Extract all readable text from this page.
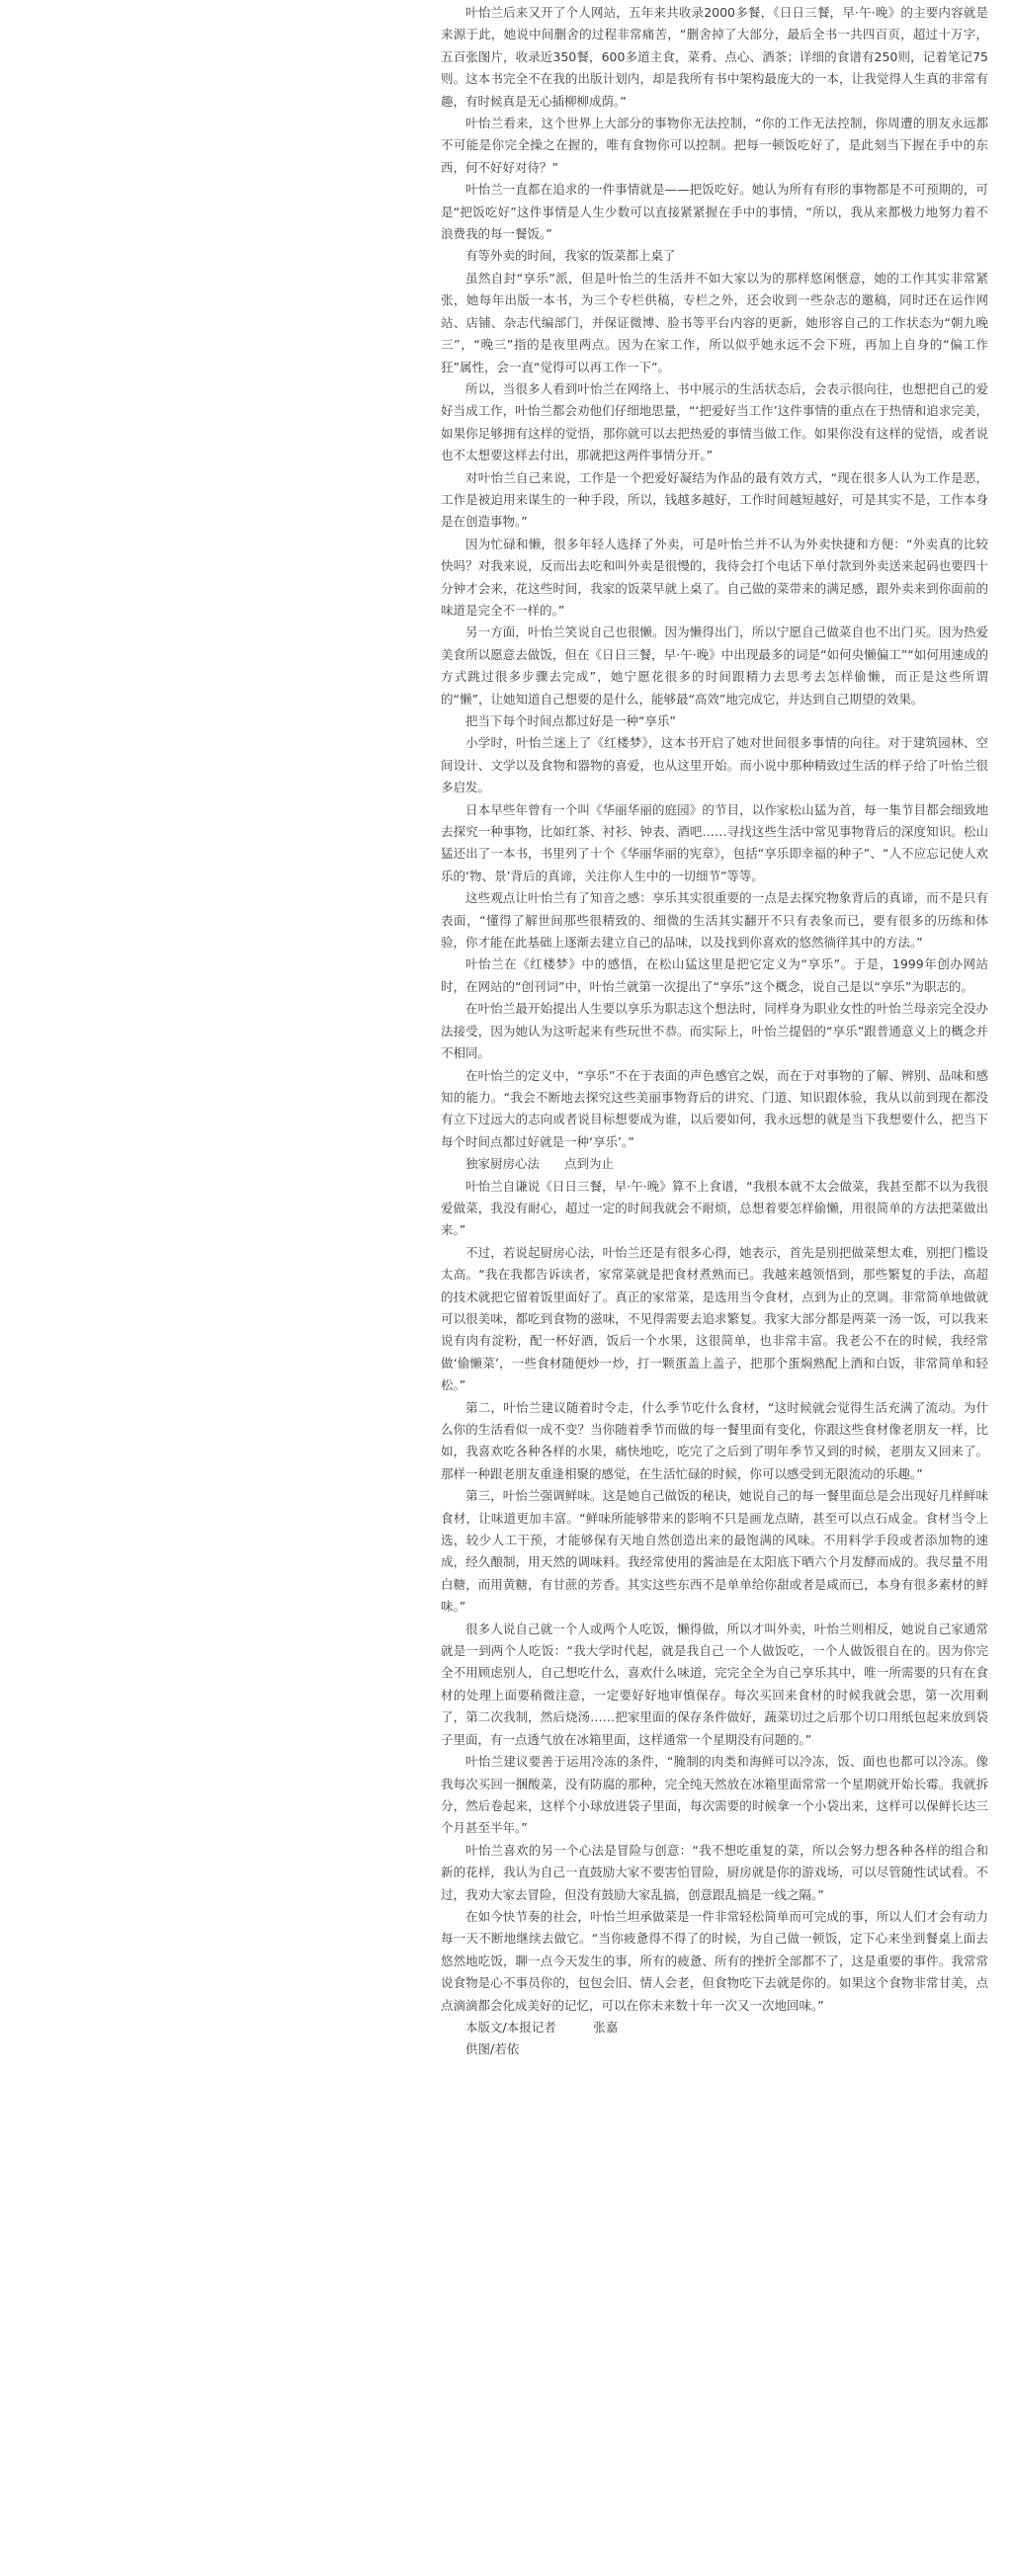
叶怡兰后来又开了个人网站，五年来共收录2000多餐，《日日三餐，早·午·晚》的主要内容就是来源于此，她说中间删舍的过程非常痛苦，“删舍掉了大部分，最后全书一共四百页，超过十万字，五百张图片，收录近350餐，600多道主食，菜肴、点心、酒茶；详细的食谱有250则，记着笔记75则。这本书完全不在我的出版计划内，却是我所有书中架构最庞大的一本，让我觉得人生真的非常有趣，有时候真是无心插柳柳成荫。”

叶怡兰看来，这个世界上大部分的事物你无法控制，“你的工作无法控制，你周遭的朋友永远都不可能是你完全操之在握的，唯有食物你可以控制。把每一顿饭吃好了，是此刻当下握在手中的东西，何不好好对待？”

叶怡兰一直都在追求的一件事情就是——把饭吃好。她认为所有有形的事物都是不可预期的，可是“把饭吃好”这件事情是人生少数可以直接紧紧握在手中的事情，“所以，我从来都极力地努力着不浪费我的每一餐饭。”

有等外卖的时间，我家的饭菜都上桌了

虽然自封“享乐”派，但是叶怡兰的生活并不如大家以为的那样悠闲惬意，她的工作其实非常紧张，她每年出版一本书，为三个专栏供稿，专栏之外，还会收到一些杂志的邀稿，同时还在运作网站、店铺、杂志代编部门，并保证微博、脸书等平台内容的更新，她形容自己的工作状态为“朝九晚三”，“晚三”指的是夜里两点。因为在家工作，所以似乎她永远不会下班，再加上自身的“偏工作狂”属性，会一直“觉得可以再工作一下”。

所以，当很多人看到叶怡兰在网络上、书中展示的生活状态后，会表示很向往，也想把自己的爱好当成工作，叶怡兰都会劝他们仔细地思量，“‘把爱好当工作’这件事情的重点在于热情和追求完美，如果你足够拥有这样的觉悟，那你就可以去把热爱的事情当做工作。如果你没有这样的觉悟，或者说也不太想要这样去付出，那就把这两件事情分开。”

对叶怡兰自己来说，工作是一个把爱好凝结为作品的最有效方式，“现在很多人认为工作是恶，工作是被迫用来谋生的一种手段，所以，钱越多越好，工作时间越短越好，可是其实不是，工作本身是在创造事物。”

因为忙碌和懒，很多年轻人选择了外卖，可是叶怡兰并不认为外卖快捷和方便：“外卖真的比较快吗？对我来说，反而出去吃和叫外卖是很慢的，我待会打个电话下单付款到外卖送来起码也要四十分钟才会来，花这些时间，我家的饭菜早就上桌了。自己做的菜带来的满足感，跟外卖来到你面前的味道是完全不一样的。”

另一方面，叶怡兰笑说自己也很懒。因为懒得出门，所以宁愿自己做菜自也不出门买。因为热爱美食所以愿意去做饭，但在《日日三餐，早·午·晚》中出现最多的词是“如何央懒偏工”“如何用速成的方式跳过很多步骤去完成”，她宁愿花很多的时间跟精力去思考去怎样偷懒，而正是这些所谓的“懒”，让她知道自己想要的是什么，能够最“高效”地完成它，并达到自己期望的效果。

把当下每个时间点都过好是一种“享乐”

小学时，叶怡兰迷上了《红楼梦》，这本书开启了她对世间很多事情的向往。对于建筑园林、空间设计、文学以及食物和器物的喜爱，也从这里开始。而小说中那种精致过生活的样子给了叶怡兰很多启发。

日本早些年曾有一个叫《华丽华丽的庭园》的节目，以作家松山猛为首，每一集节目都会细致地去探究一种事物，比如红茶、衬衫、钟表、酒吧……寻找这些生活中常见事物背后的深度知识。松山猛还出了一本书，书里列了十个《华丽华丽的宪章》，包括“享乐即幸福的种子”、“人不应忘记使人欢乐的‘物、景’背后的真谛，关注你人生中的一切细节”等等。

这些观点让叶怡兰有了知音之感：享乐其实很重要的一点是去探究物象背后的真谛，而不是只有表面，“懂得了解世间那些很精致的、细微的生活其实翻开不只有表象而已，要有很多的历练和体验，你才能在此基础上逐渐去建立自己的品味，以及找到你喜欢的悠然徜徉其中的方法。”

叶怡兰在《红楼梦》中的感悟，在松山猛这里是把它定义为“享乐”。于是，1999年创办网站时，在网站的“创刊词”中，叶怡兰就第一次提出了“享乐”这个概念，说自己是以“享乐”为职志的。

在叶怡兰最开始提出人生要以享乐为职志这个想法时，同样身为职业女性的叶怡兰母亲完全没办法接受，因为她认为这听起来有些玩世不恭。而实际上，叶怡兰提倡的“享乐”跟普通意义上的概念并不相同。

在叶怡兰的定义中，“享乐”不在于表面的声色感官之娱，而在于对事物的了解、辨别、品味和感知的能力。“我会不断地去探究这些美丽事物背后的讲究、门道、知识跟体验，我从以前到现在都没有立下过远大的志向或者说目标想要成为谁，以后要如何，我永远想的就是当下我想要什么，把当下每个时间点都过好就是一种‘享乐’。”

独家厨房心法　　点到为止

叶怡兰自谦说《日日三餐，早·午·晚》算不上食谱，“我根本就不太会做菜，我甚至都不以为我很爱做菜，我没有耐心，超过一定的时间我就会不耐烦，总想着要怎样偷懒，用很简单的方法把菜做出来。”

不过，若说起厨房心法，叶怡兰还是有很多心得，她表示，首先是别把做菜想太难，别把门槛设太高。“我在我都告诉读者，家常菜就是把食材煮熟而已。我越来越领悟到，那些繁复的手法，高超的技术就把它留着饭里面好了。真正的家常菜，是选用当令食材，点到为止的烹调。非常简单地做就可以很美味，都吃到食物的滋味，不见得需要去追求繁复。我家大部分都是两菜一汤一饭，可以我来说有肉有淀粉，配一杯好酒，饭后一个水果，这很简单，也非常丰富。我老公不在的时候，我经常做‘偷懒菜’，一些食材随便炒一炒，打一颗蛋盖上盖子，把那个蛋焖熟配上酒和白饭，非常简单和轻松。”

第二，叶怡兰建议随着时令走，什么季节吃什么食材，“这时候就会觉得生活充满了流动。为什么你的生活看似一成不变？当你随着季节而做的每一餐里面有变化，你跟这些食材像老朋友一样，比如，我喜欢吃各种各样的水果，痛快地吃，吃完了之后到了明年季节又到的时候，老朋友又回来了。那样一种跟老朋友重逢相聚的感觉，在生活忙碌的时候，你可以感受到无限流动的乐趣。”

第三，叶怡兰强调鲜味。这是她自己做饭的秘诀，她说自己的每一餐里面总是会出现好几样鲜味食材，让味道更加丰富。“鲜味所能够带来的影响不只是画龙点睛，甚至可以点石成金。食材当令上选，较少人工干预，才能够保有天地自然创造出来的最饱满的风味。不用料学手段或者添加物的速成，经久酿制，用天然的调味料。我经常使用的酱油是在太阳底下晒六个月发酵而成的。我尽量不用白糖，而用黄糖，有甘蔗的芳香。其实这些东西不是单单给你甜或者是咸而已，本身有很多素材的鲜味。”

很多人说自己就一个人或两个人吃饭，懒得做，所以才叫外卖，叶怡兰则相反，她说自己家通常就是一到两个人吃饭：“我大学时代起，就是我自己一个人做饭吃，一个人做饭很自在的。因为你完全不用顾虑别人，自己想吃什么，喜欢什么味道，完完全全为自己享乐其中，唯一所需要的只有在食材的处理上面要稍微注意，一定要好好地审慎保存。每次买回来食材的时候我就会思，第一次用剩了，第二次我制，然后烧汤……把家里面的保存条件做好，蔬菜切过之后那个切口用纸包起来放到袋子里面，有一点透气放在冰箱里面，这样通常一个星期没有问题的。”

叶怡兰建议要善于运用冷冻的条件，“腌制的肉类和海鲜可以冷冻，饭、面也也都可以冷冻。像我每次买回一捆酸菜，没有防腐的那种，完全纯天然放在冰箱里面常常一个星期就开始长霉。我就拆分，然后卷起来，这样个小球放进袋子里面，每次需要的时候拿一个小袋出来，这样可以保鲜长达三个月甚至半年。”

叶怡兰喜欢的另一个心法是冒险与创意：“我不想吃重复的菜，所以会努力想各种各样的组合和新的花样，我认为自己一直鼓励大家不要害怕冒险，厨房就是你的游戏场，可以尽管随性试试看。不过，我劝大家去冒险，但没有鼓励大家乱搞，创意跟乱搞是一线之隔。”

在如今快节奏的社会，叶怡兰坦承做菜是一件非常轻松简单而可完成的事，所以人们才会有动力每一天不断地继续去做它。“当你疲惫得不得了的时候，为自己做一顿饭，定下心来坐到餐桌上面去悠然地吃饭，聊一点今天发生的事，所有的疲惫、所有的挫折全部都不了，这是重要的事件。我常常说食物是心不事员你的，包包会旧、情人会老，但食物吃下去就是你的。如果这个食物非常甘美，点点滴滴都会化成美好的记忆，可以在你未来数十年一次又一次地回味。”

本版文/本报记者	张嘉

供图/若依
